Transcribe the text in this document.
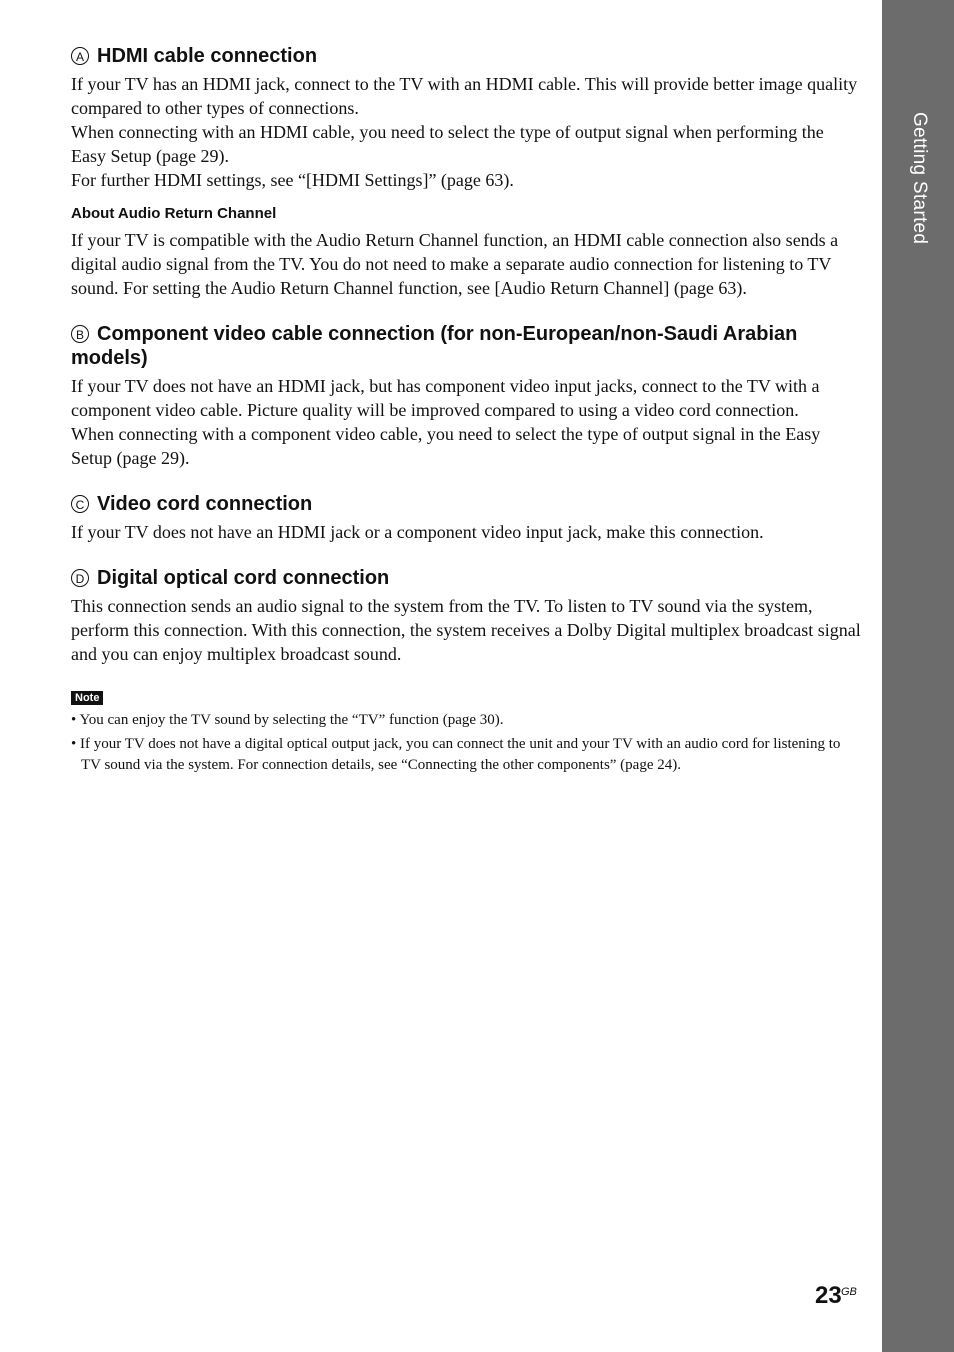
Getting Started
A HDMI cable connection

If your TV has an HDMI jack, connect to the TV with an HDMI cable. This will provide better image quality compared to other types of connections.

When connecting with an HDMI cable, you need to select the type of output signal when performing the Easy Setup (page 29).

For further HDMI settings, see “[HDMI Settings]” (page 63).

About Audio Return Channel

If your TV is compatible with the Audio Return Channel function, an HDMI cable connection also sends a digital audio signal from the TV. You do not need to make a separate audio connection for listening to TV sound. For setting the Audio Return Channel function, see [Audio Return Channel] (page 63).

B Component video cable connection (for non-European/non-Saudi Arabian models)

If your TV does not have an HDMI jack, but has component video input jacks, connect to the TV with a component video cable. Picture quality will be improved compared to using a video cord connection.

When connecting with a component video cable, you need to select the type of output signal in the Easy Setup (page 29).

C Video cord connection

If your TV does not have an HDMI jack or a component video input jack, make this connection.

D Digital optical cord connection

This connection sends an audio signal to the system from the TV. To listen to TV sound via the system, perform this connection. With this connection, the system receives a Dolby Digital multiplex broadcast signal and you can enjoy multiplex broadcast sound.

Note
• You can enjoy the TV sound by selecting the “TV” function (page 30).
• If your TV does not have a digital optical output jack, you can connect the unit and your TV with an audio cord for listening to TV sound via the system. For connection details, see “Connecting the other components” (page 24).
23 GB
